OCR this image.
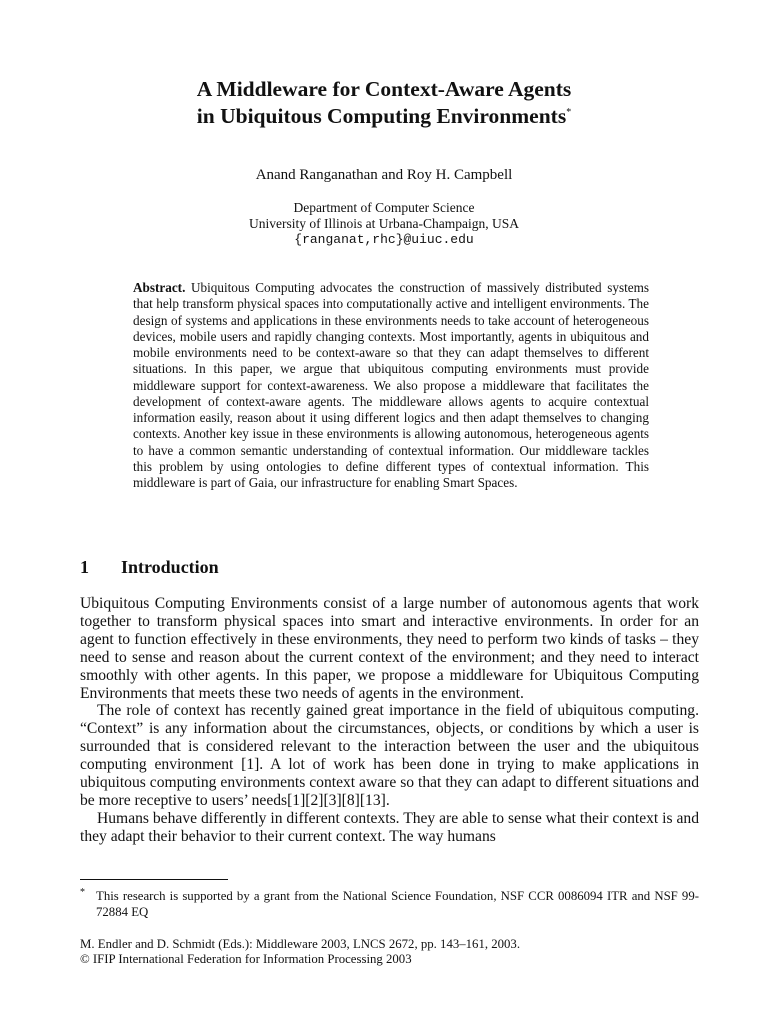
A Middleware for Context-Aware Agents
in Ubiquitous Computing Environments*
Anand Ranganathan and Roy H. Campbell
Department of Computer Science
University of Illinois at Urbana-Champaign, USA
{ranganat,rhc}@uiuc.edu

Abstract. Ubiquitous Computing advocates the construction of massively distributed systems that help transform physical spaces into computationally active and intelligent environments. The design of systems and applications in these environments needs to take account of heterogeneous devices, mobile users and rapidly changing contexts. Most importantly, agents in ubiquitous and mobile environments need to be context-aware so that they can adapt themselves to different situations. In this paper, we argue that ubiquitous computing environments must provide middleware support for context-awareness. We also propose a middleware that facilitates the development of context-aware agents. The middleware allows agents to acquire contextual information easily, reason about it using different logics and then adapt themselves to changing contexts. Another key issue in these environments is allowing autonomous, heterogeneous agents to have a common semantic understanding of contextual information. Our middleware tackles this problem by using ontologies to define different types of contextual information. This middleware is part of Gaia, our infrastructure for enabling Smart Spaces.

1 Introduction

Ubiquitous Computing Environments consist of a large number of autonomous agents that work together to transform physical spaces into smart and interactive environments. In order for an agent to function effectively in these environments, they need to perform two kinds of tasks – they need to sense and reason about the current context of the environment; and they need to interact smoothly with other agents. In this paper, we propose a middleware for Ubiquitous Computing Environments that meets these two needs of agents in the environment.

The role of context has recently gained great importance in the field of ubiquitous computing. “Context” is any information about the circumstances, objects, or conditions by which a user is surrounded that is considered relevant to the interaction between the user and the ubiquitous computing environment [1]. A lot of work has been done in trying to make applications in ubiquitous computing environments context aware so that they can adapt to different situations and be more receptive to users’ needs[1][2][3][8][13].

Humans behave differently in different contexts. They are able to sense what their context is and they adapt their behavior to their current context. The way humans

* This research is supported by a grant from the National Science Foundation, NSF CCR 0086094 ITR and NSF 99-72884 EQ
M. Endler and D. Schmidt (Eds.): Middleware 2003, LNCS 2672, pp. 143–161, 2003.
© IFIP International Federation for Information Processing 2003
